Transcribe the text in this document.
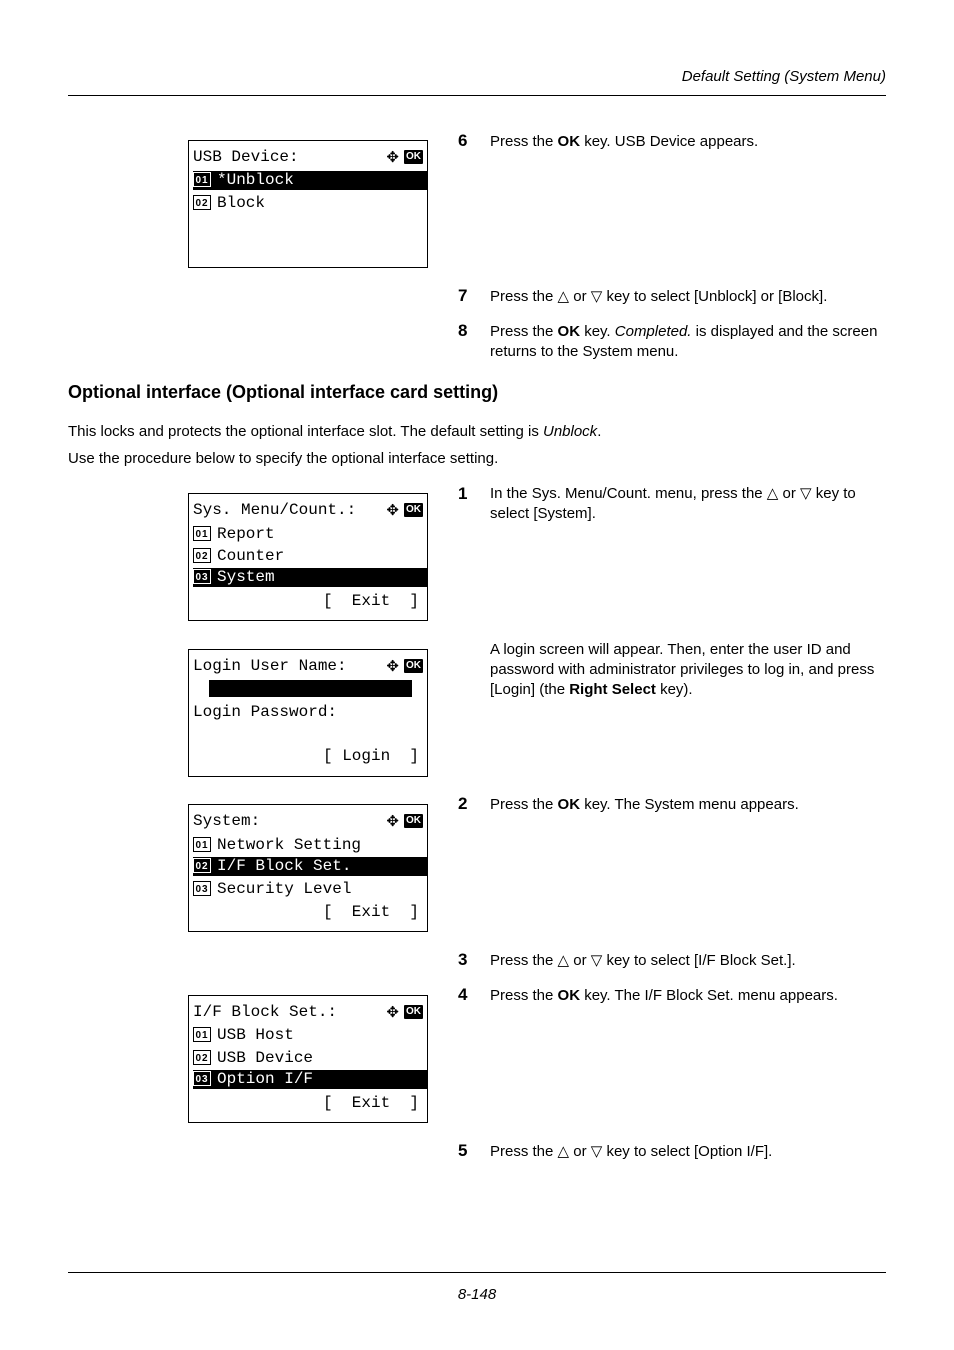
Default Setting (System Menu)
USB Device:	✥ OK
01 *Unblock
02 Block
6 Press the OK key. USB Device appears.
7 Press the △ or ▽ key to select [Unblock] or [Block].
8 Press the OK key. Completed. is displayed and the screen returns to the System menu.
Optional interface (Optional interface card setting)
This locks and protects the optional interface slot. The default setting is Unblock.
Use the procedure below to specify the optional interface setting.
Sys. Menu/Count.:	✥ OK
01 Report
02 Counter
03 System
[  Exit  ]
1 In the Sys. Menu/Count. menu, press the △ or ▽ key to select [System].
Login User Name:	✥ OK
Login Password:
[ Login  ]
A login screen will appear. Then, enter the user ID and password with administrator privileges to log in, and press [Login] (the Right Select key).
System:	✥ OK
01 Network Setting
02 I/F Block Set.
03 Security Level
[  Exit  ]
2 Press the OK key. The System menu appears.
3 Press the △ or ▽ key to select [I/F Block Set.].
4 Press the OK key. The I/F Block Set. menu appears.
I/F Block Set.:	✥ OK
01 USB Host
02 USB Device
03 Option I/F
[  Exit  ]
5 Press the △ or ▽ key to select [Option I/F].
8-148
